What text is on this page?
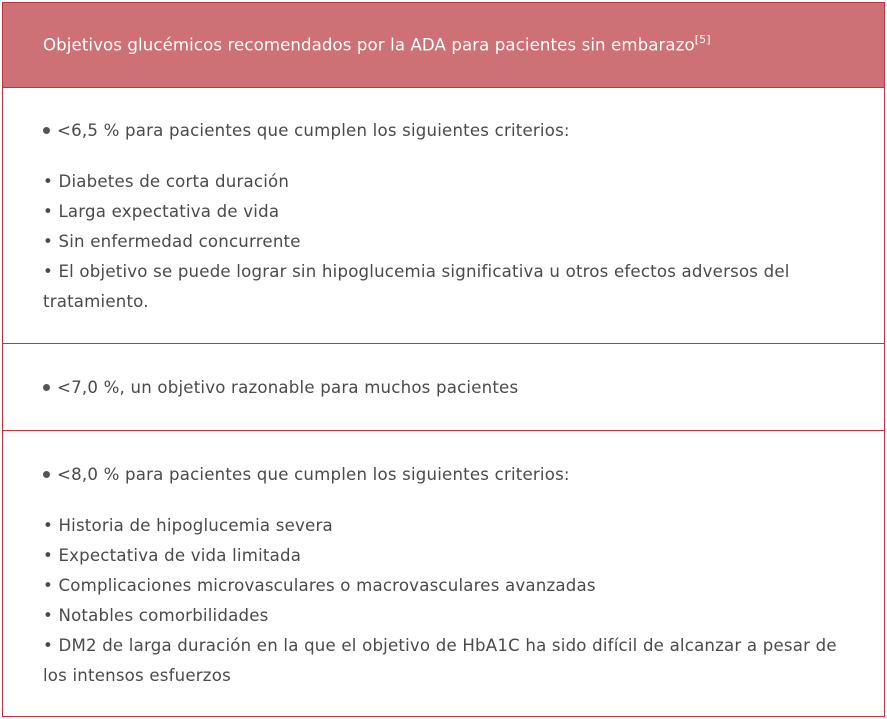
Objetivos glucémicos recomendados por la ADA para pacientes sin embarazo[5]

<6,5 % para pacientes que cumplen los siguientes criterios:

• Diabetes de corta duración
• Larga expectativa de vida
• Sin enfermedad concurrente
• El objetivo se puede lograr sin hipoglucemia significativa u otros efectos adversos del tratamiento.

<7,0 %, un objetivo razonable para muchos pacientes

<8,0 % para pacientes que cumplen los siguientes criterios:

• Historia de hipoglucemia severa
• Expectativa de vida limitada
• Complicaciones microvasculares o macrovasculares avanzadas
• Notables comorbilidades
• DM2 de larga duración en la que el objetivo de HbA1C ha sido difícil de alcanzar a pesar de los intensos esfuerzos
